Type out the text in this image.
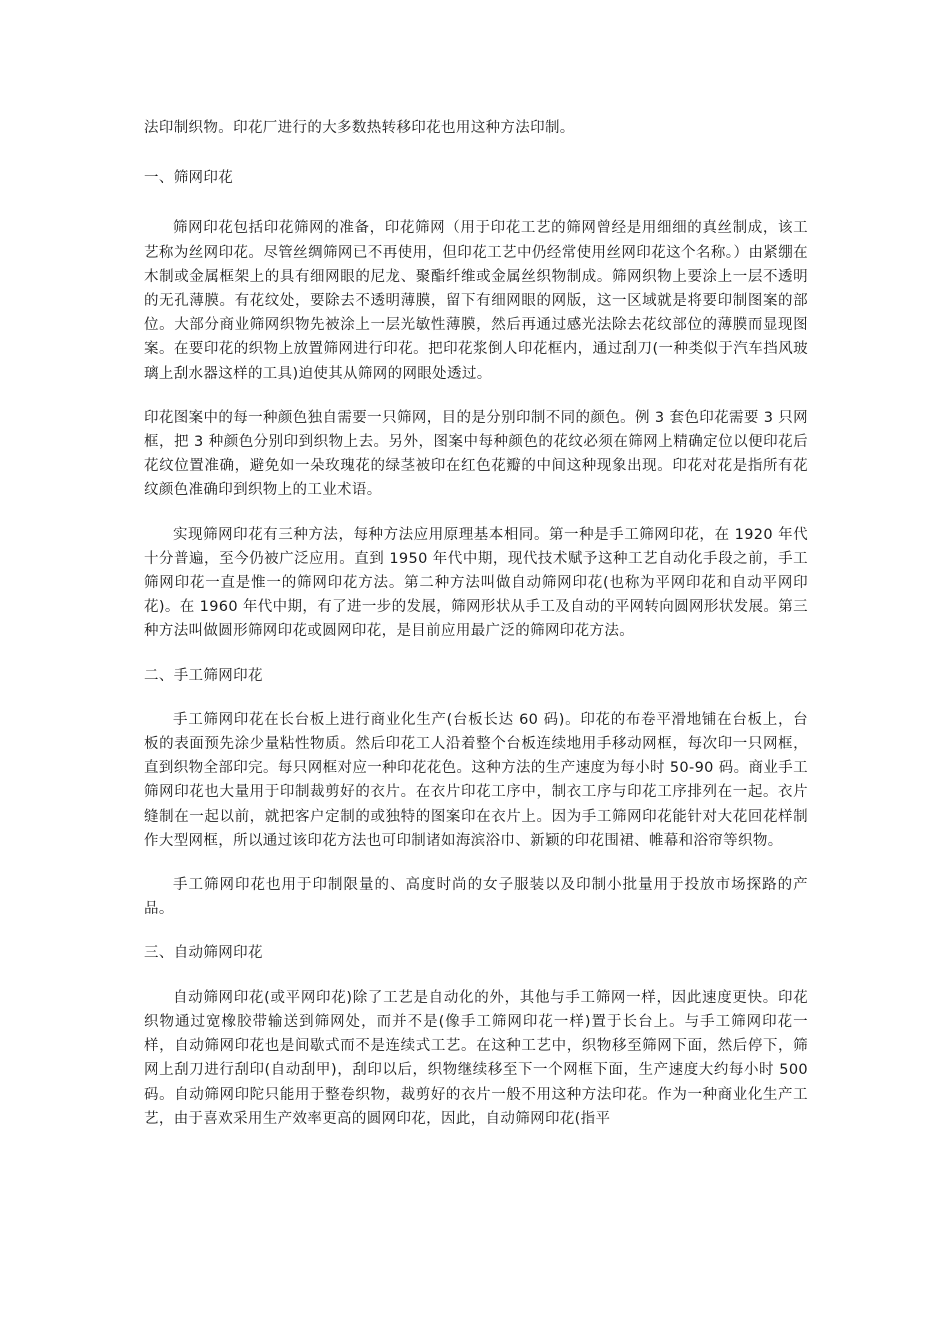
法印制织物。印花厂进行的大多数热转移印花也用这种方法印制。

一、筛网印花

筛网印花包括印花筛网的准备，印花筛网（用于印花工艺的筛网曾经是用细细的真丝制成，该工艺称为丝网印花。尽管丝绸筛网已不再使用，但印花工艺中仍经常使用丝网印花这个名称。）由紧绷在木制或金属框架上的具有细网眼的尼龙、聚酯纤维或金属丝织物制成。筛网织物上要涂上一层不透明的无孔薄膜。有花纹处，要除去不透明薄膜，留下有细网眼的网版，这一区域就是将要印制图案的部位。大部分商业筛网织物先被涂上一层光敏性薄膜，然后再通过感光法除去花纹部位的薄膜而显现图案。在要印花的织物上放置筛网进行印花。把印花浆倒人印花框内，通过刮刀(一种类似于汽车挡风玻璃上刮水器这样的工具)迫使其从筛网的网眼处透过。

印花图案中的每一种颜色独自需要一只筛网，目的是分别印制不同的颜色。例 3 套色印花需要 3 只网框，把 3 种颜色分别印到织物上去。另外，图案中每种颜色的花纹必须在筛网上精确定位以便印花后花纹位置准确，避免如一朵玫瑰花的绿茎被印在红色花瓣的中间这种现象出现。印花对花是指所有花纹颜色准确印到织物上的工业术语。

实现筛网印花有三种方法，每种方法应用原理基本相同。第一种是手工筛网印花，在 1920 年代十分普遍，至今仍被广泛应用。直到 1950 年代中期，现代技术赋予这种工艺自动化手段之前，手工筛网印花一直是惟一的筛网印花方法。第二种方法叫做自动筛网印花(也称为平网印花和自动平网印花)。在 1960 年代中期，有了进一步的发展，筛网形状从手工及自动的平网转向圆网形状发展。第三种方法叫做圆形筛网印花或圆网印花，是目前应用最广泛的筛网印花方法。

二、手工筛网印花

手工筛网印花在长台板上进行商业化生产(台板长达 60 码)。印花的布卷平滑地铺在台板上，台板的表面预先涂少量粘性物质。然后印花工人沿着整个台板连续地用手移动网框，每次印一只网框，直到织物全部印完。每只网框对应一种印花花色。这种方法的生产速度为每小时 50-90 码。商业手工筛网印花也大量用于印制裁剪好的衣片。在衣片印花工序中，制衣工序与印花工序排列在一起。衣片缝制在一起以前，就把客户定制的或独特的图案印在衣片上。因为手工筛网印花能针对大花回花样制作大型网框，所以通过该印花方法也可印制诸如海滨浴巾、新颖的印花围裙、帷幕和浴帘等织物。

手工筛网印花也用于印制限量的、高度时尚的女子服装以及印制小批量用于投放市场探路的产品。

三、自动筛网印花

自动筛网印花(或平网印花)除了工艺是自动化的外，其他与手工筛网一样，因此速度更快。印花织物通过宽橡胶带输送到筛网处，而并不是(像手工筛网印花一样)置于长台上。与手工筛网印花一样，自动筛网印花也是间歇式而不是连续式工艺。在这种工艺中，织物移至筛网下面，然后停下，筛网上刮刀进行刮印(自动刮甲)，刮印以后，织物继续移至下一个网框下面，生产速度大约每小时 500 码。自动筛网印陀只能用于整卷织物，裁剪好的衣片一般不用这种方法印花。作为一种商业化生产工艺，由于喜欢采用生产效率更高的圆网印花，因此，自动筛网印花(指平
